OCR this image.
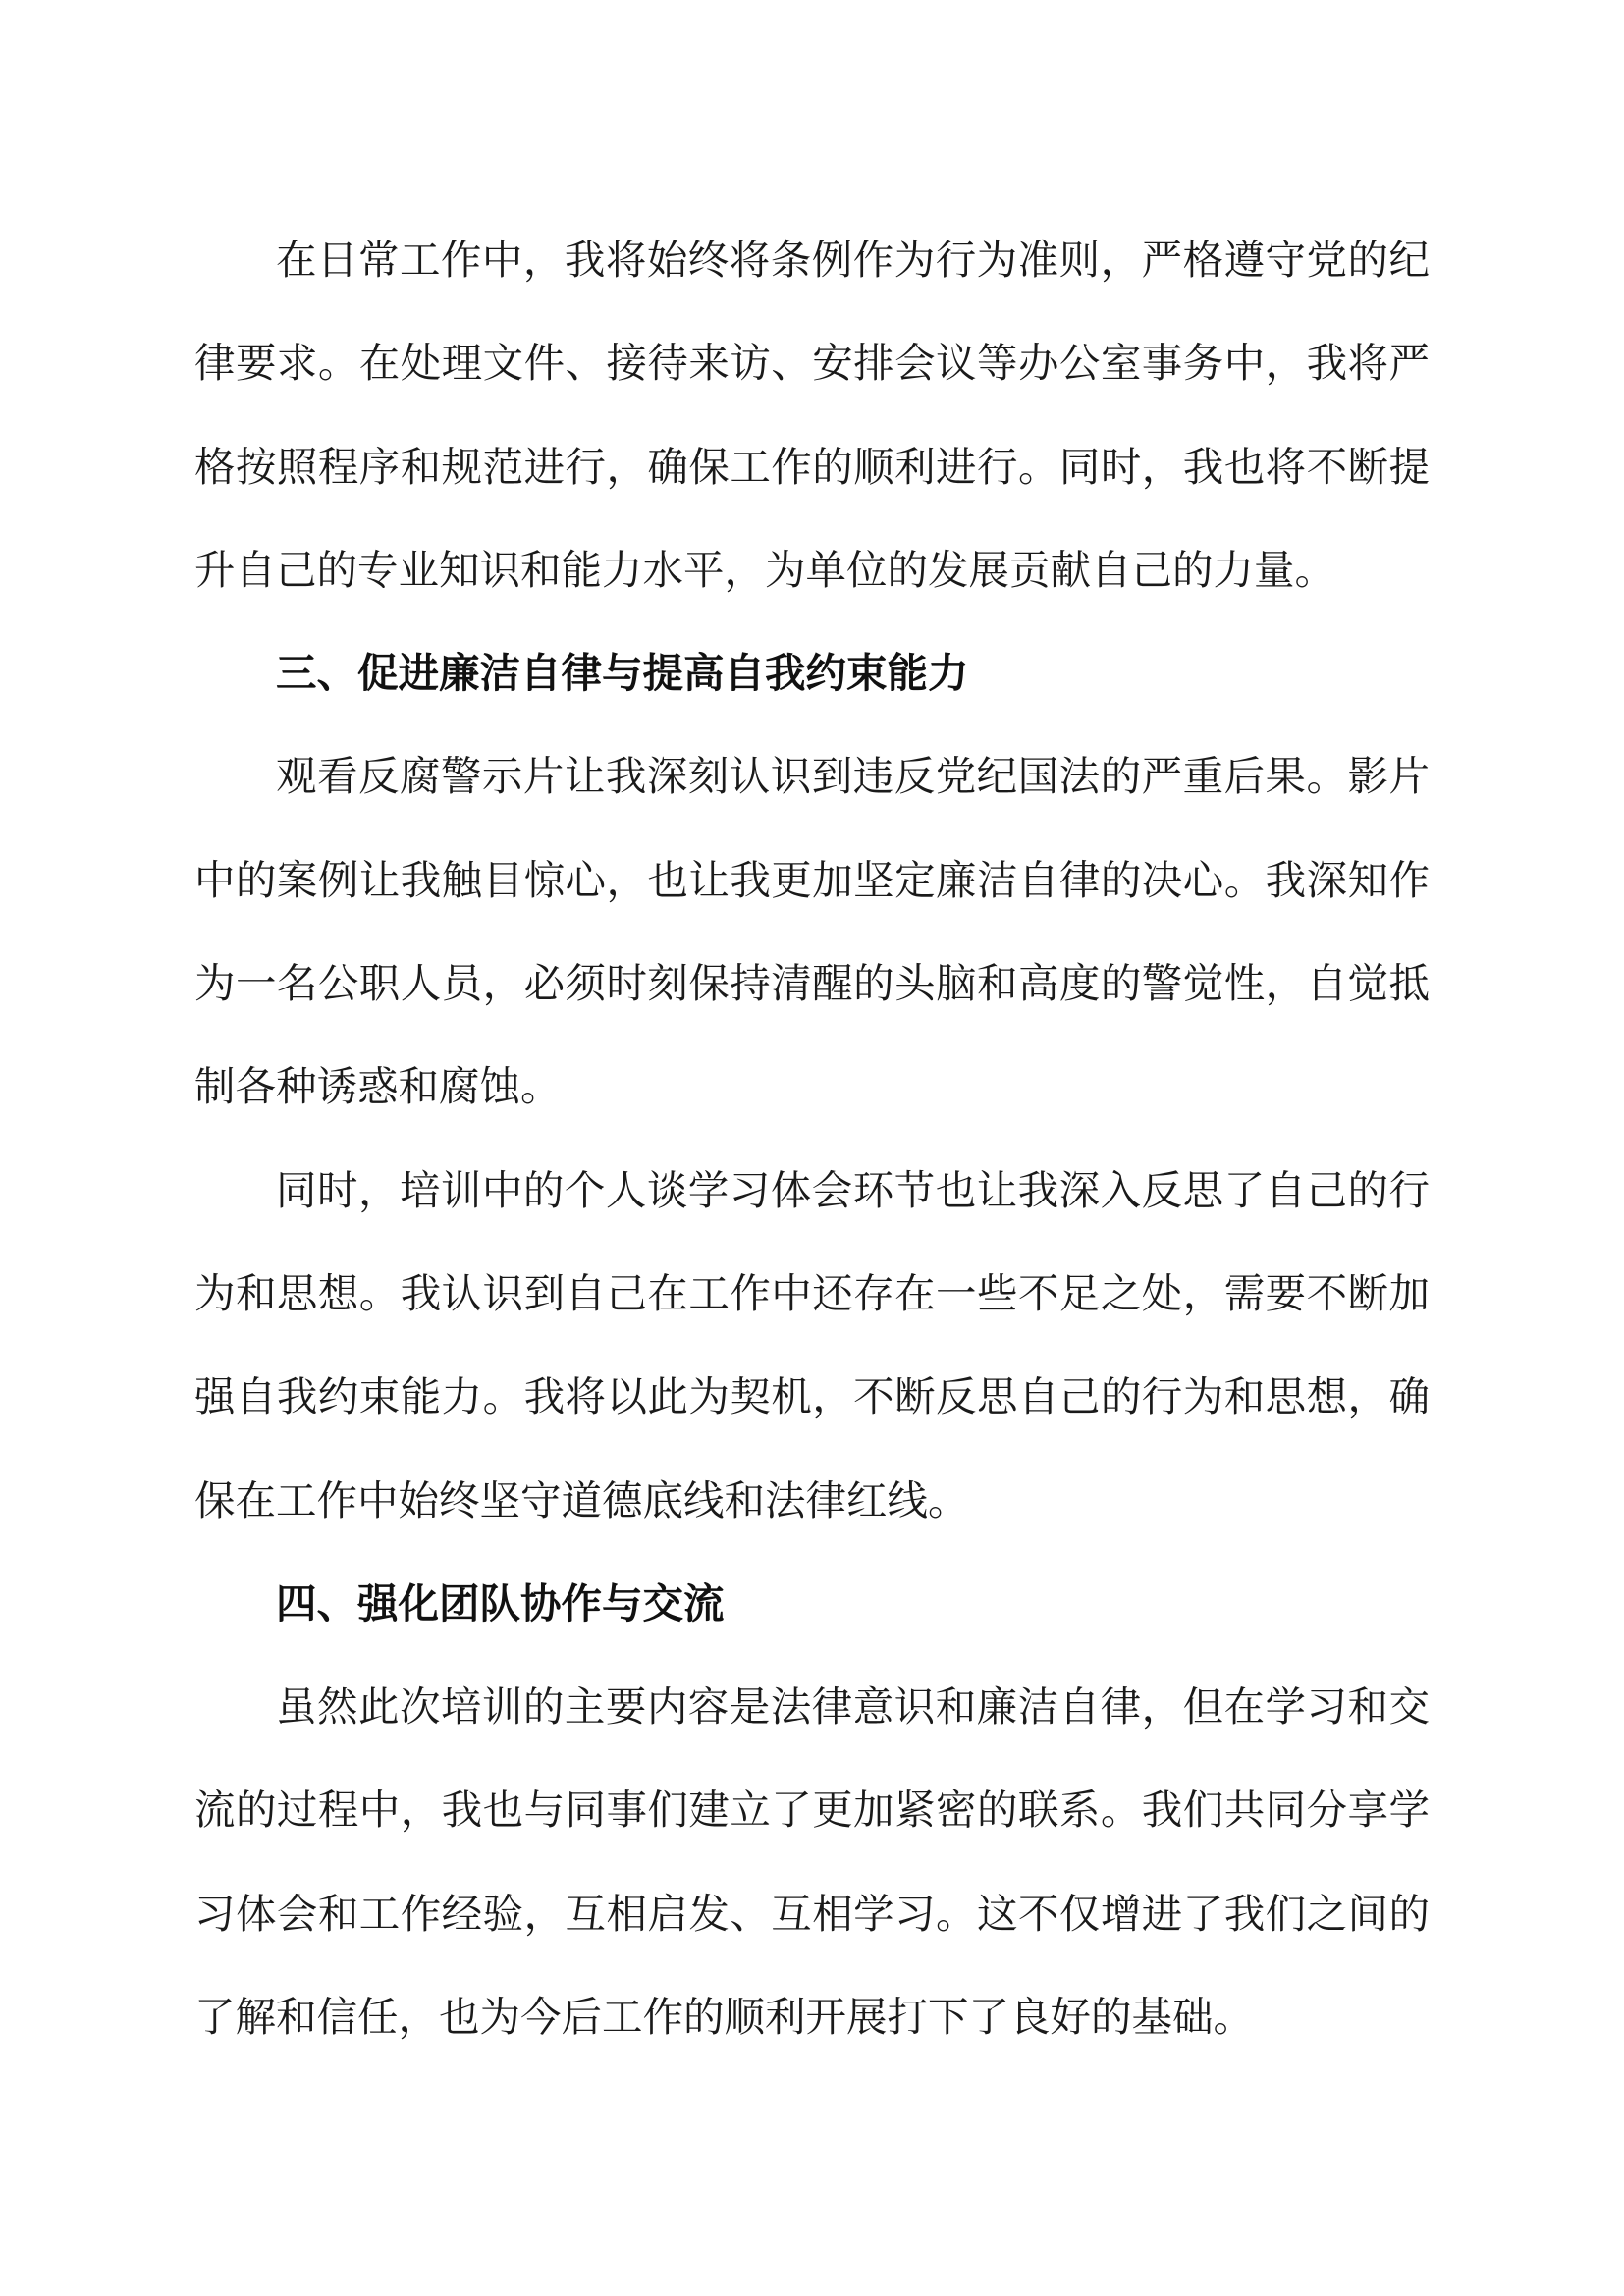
在日常工作中，我将始终将条例作为行为准则，严格遵守党的纪律要求。在处理文件、接待来访、安排会议等办公室事务中，我将严格按照程序和规范进行，确保工作的顺利进行。同时，我也将不断提升自己的专业知识和能力水平，为单位的发展贡献自己的力量。

三、促进廉洁自律与提高自我约束能力

观看反腐警示片让我深刻认识到违反党纪国法的严重后果。影片中的案例让我触目惊心，也让我更加坚定廉洁自律的决心。我深知作为一名公职人员，必须时刻保持清醒的头脑和高度的警觉性，自觉抵制各种诱惑和腐蚀。

同时，培训中的个人谈学习体会环节也让我深入反思了自己的行为和思想。我认识到自己在工作中还存在一些不足之处，需要不断加强自我约束能力。我将以此为契机，不断反思自己的行为和思想，确保在工作中始终坚守道德底线和法律红线。

四、强化团队协作与交流

虽然此次培训的主要内容是法律意识和廉洁自律，但在学习和交流的过程中，我也与同事们建立了更加紧密的联系。我们共同分享学习体会和工作经验，互相启发、互相学习。这不仅增进了我们之间的了解和信任，也为今后工作的顺利开展打下了良好的基础。
